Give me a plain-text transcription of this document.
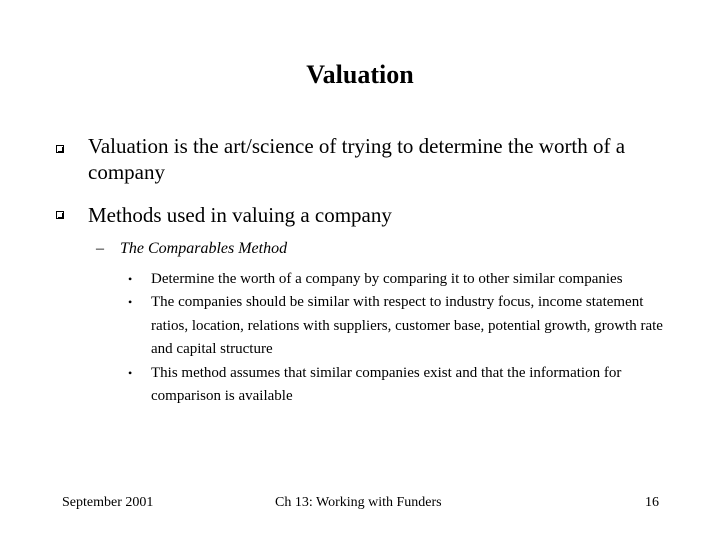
Valuation
Valuation is the art/science of trying to determine the worth of a company
Methods used in valuing a company
– The Comparables Method
• Determine the worth of a company by comparing it to other similar companies
• The companies should be similar with respect to industry focus, income statement ratios, location, relations with suppliers, customer base, potential growth, growth rate and capital structure
• This method assumes that similar companies exist and that the information for comparison is available
September 2001	Ch 13: Working with Funders	16
